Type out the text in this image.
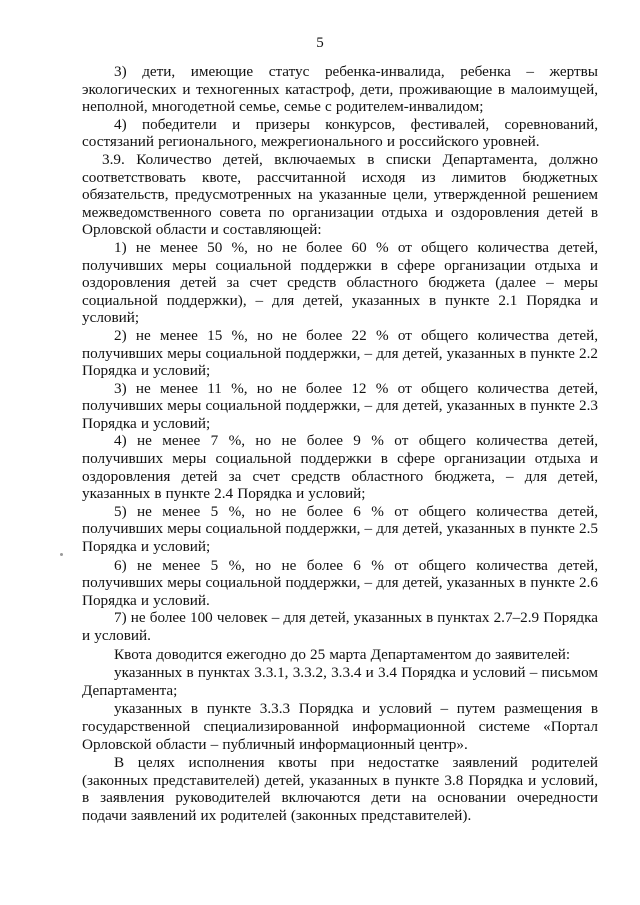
5

3) дети, имеющие статус ребенка-инвалида, ребенка – жертвы экологических и техногенных катастроф, дети, проживающие в малоимущей, неполной, многодетной семье, семье с родителем-инвалидом;

4) победители и призеры конкурсов, фестивалей, соревнований, состязаний регионального, межрегионального и российского уровней.

3.9. Количество детей, включаемых в списки Департамента, должно соответствовать квоте, рассчитанной исходя из лимитов бюджетных обязательств, предусмотренных на указанные цели, утвержденной решением межведомственного совета по организации отдыха и оздоровления детей в Орловской области и составляющей:

1) не менее 50 %, но не более 60 % от общего количества детей, получивших меры социальной поддержки в сфере организации отдыха и оздоровления детей за счет средств областного бюджета (далее – меры социальной поддержки), – для детей, указанных в пункте 2.1 Порядка и условий;

2) не менее 15 %, но не более 22 % от общего количества детей, получивших меры социальной поддержки, – для детей, указанных в пункте 2.2 Порядка и условий;

3) не менее 11 %, но не более 12 % от общего количества детей, получивших меры социальной поддержки, – для детей, указанных в пункте 2.3 Порядка и условий;

4) не менее 7 %, но не более 9 % от общего количества детей, получивших меры социальной поддержки в сфере организации отдыха и оздоровления детей за счет средств областного бюджета, – для детей, указанных в пункте 2.4 Порядка и условий;

5) не менее 5 %, но не более 6 % от общего количества детей, получивших меры социальной поддержки, – для детей, указанных в пункте 2.5 Порядка и условий;

6) не менее 5 %, но не более 6 % от общего количества детей, получивших меры социальной поддержки, – для детей, указанных в пункте 2.6 Порядка и условий.

7) не более 100 человек – для детей, указанных в пунктах 2.7–2.9 Порядка и условий.

Квота доводится ежегодно до 25 марта Департаментом до заявителей:

указанных в пунктах 3.3.1, 3.3.2, 3.3.4 и 3.4 Порядка и условий – письмом Департамента;

указанных в пункте 3.3.3 Порядка и условий – путем размещения в государственной специализированной информационной системе «Портал Орловской области – публичный информационный центр».

В целях исполнения квоты при недостатке заявлений родителей (законных представителей) детей, указанных в пункте 3.8 Порядка и условий, в заявления руководителей включаются дети на основании очередности подачи заявлений их родителей (законных представителей).
